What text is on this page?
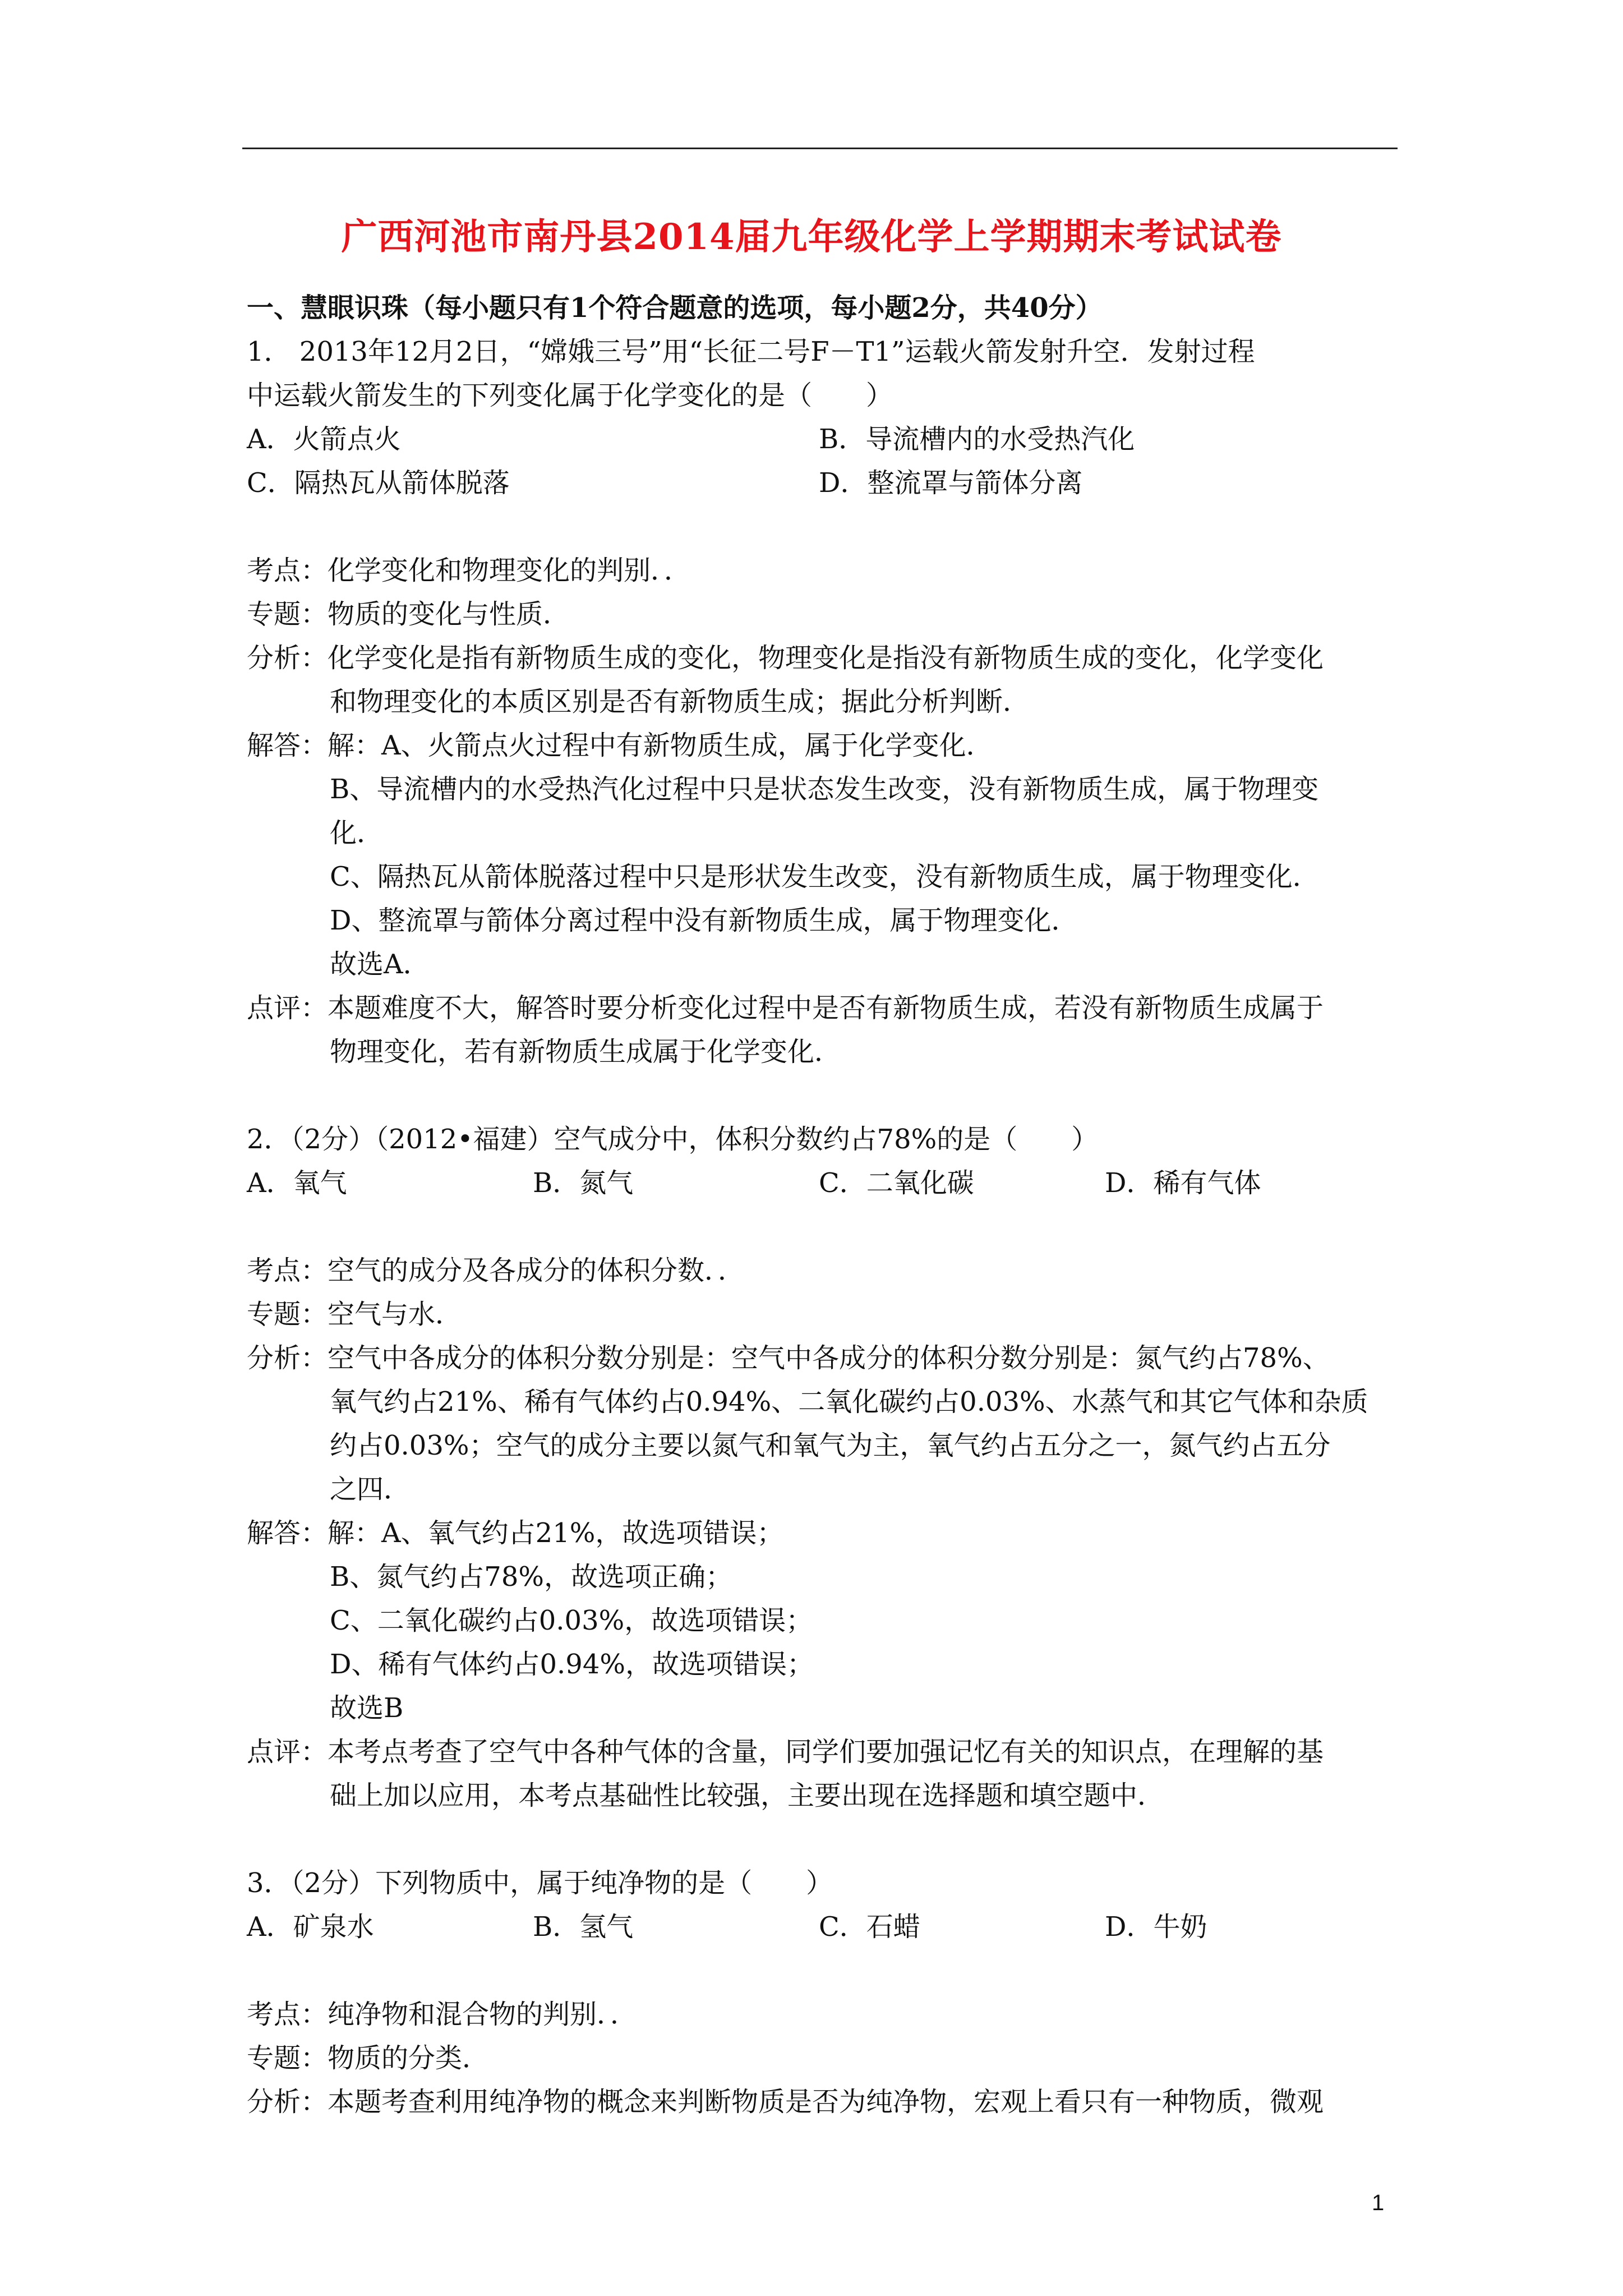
广西河池市南丹县2014届九年级化学上学期期末考试试卷
一、慧眼识珠（每小题只有1个符合题意的选项，每小题2分，共40分）
1． 2013年12月2日，“嫦娥三号”用“长征二号F－T1”运载火箭发射升空．发射过程
中运载火箭发生的下列变化属于化学变化的是（　　）
A．火箭点火	B．导流槽内的水受热汽化
C．隔热瓦从箭体脱落	D．整流罩与箭体分离
考点：化学变化和物理变化的判别．．
专题：物质的变化与性质．
分析：化学变化是指有新物质生成的变化，物理变化是指没有新物质生成的变化，化学变化
和物理变化的本质区别是否有新物质生成；据此分析判断．
解答：解：A、火箭点火过程中有新物质生成，属于化学变化．
B、导流槽内的水受热汽化过程中只是状态发生改变，没有新物质生成，属于物理变
化．
C、隔热瓦从箭体脱落过程中只是形状发生改变，没有新物质生成，属于物理变化．
D、整流罩与箭体分离过程中没有新物质生成，属于物理变化．
故选A．
点评：本题难度不大，解答时要分析变化过程中是否有新物质生成，若没有新物质生成属于
物理变化，若有新物质生成属于化学变化．
2．（2分）（2012•福建）空气成分中，体积分数约占78%的是（　　）
A．氧气	B．氮气	C．二氧化碳	D．稀有气体
考点：空气的成分及各成分的体积分数．．
专题：空气与水．
分析：空气中各成分的体积分数分别是：空气中各成分的体积分数分别是：氮气约占78%、
氧气约占21%、稀有气体约占0.94%、二氧化碳约占0.03%、水蒸气和其它气体和杂质
约占0.03%；空气的成分主要以氮气和氧气为主，氧气约占五分之一，氮气约占五分
之四．
解答：解：A、氧气约占21%，故选项错误；
B、氮气约占78%，故选项正确；
C、二氧化碳约占0.03%，故选项错误；
D、稀有气体约占0.94%，故选项错误；
故选B
点评：本考点考查了空气中各种气体的含量，同学们要加强记忆有关的知识点，在理解的基
础上加以应用，本考点基础性比较强，主要出现在选择题和填空题中．
3．（2分）下列物质中，属于纯净物的是（　　）
A．矿泉水	B．氢气	C．石蜡	D．牛奶
考点：纯净物和混合物的判别．．
专题：物质的分类．
分析：本题考查利用纯净物的概念来判断物质是否为纯净物，宏观上看只有一种物质，微观
1
